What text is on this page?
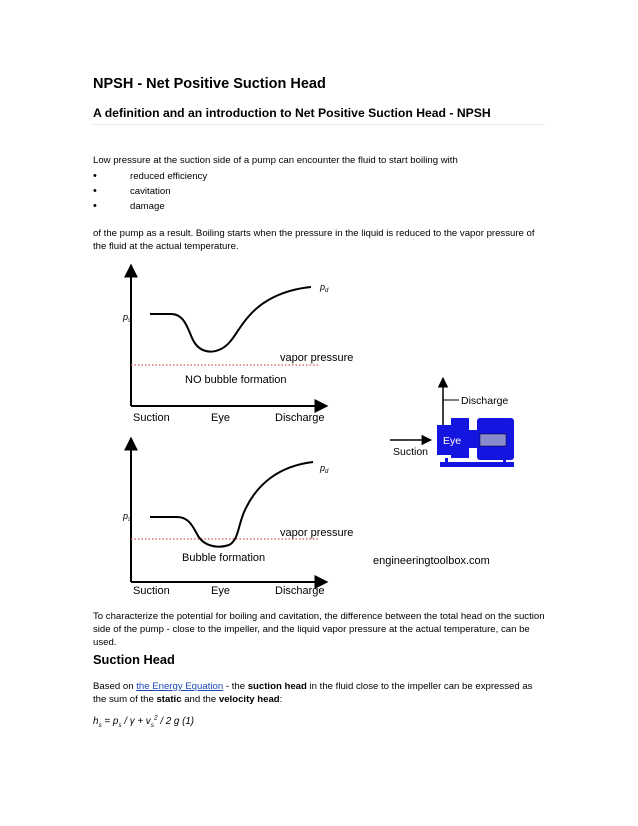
NPSH - Net Positive Suction Head
A definition and an introduction to Net Positive Suction Head - NPSH
Low pressure at the suction side of a pump can encounter the fluid to start boiling with
•	reduced efficiency
•	cavitation
•	damage
of the pump as a result. Boiling starts when the pressure in the liquid is reduced to the vapor pressure of the fluid at the actual temperature.
$p_s$
$p_d$
vapor pressure
NO bubble formation
Suction	Eye	Discharge
$p_s$
$p_d$
vapor pressure
Bubble formation
Suction	Eye	Discharge
Discharge
Suction
Eye
engineeringtoolbox.com
To characterize the potential for boiling and cavitation, the difference between the total head on the suction side of the pump - close to the impeller, and the liquid vapor pressure at the actual temperature, can be used.
Suction Head
Based on the Energy Equation - the suction head in the fluid close to the impeller can be expressed as the sum of the static and the velocity head:
$h_s = p_s / \gamma + v_s^2 / 2$ g (1)
